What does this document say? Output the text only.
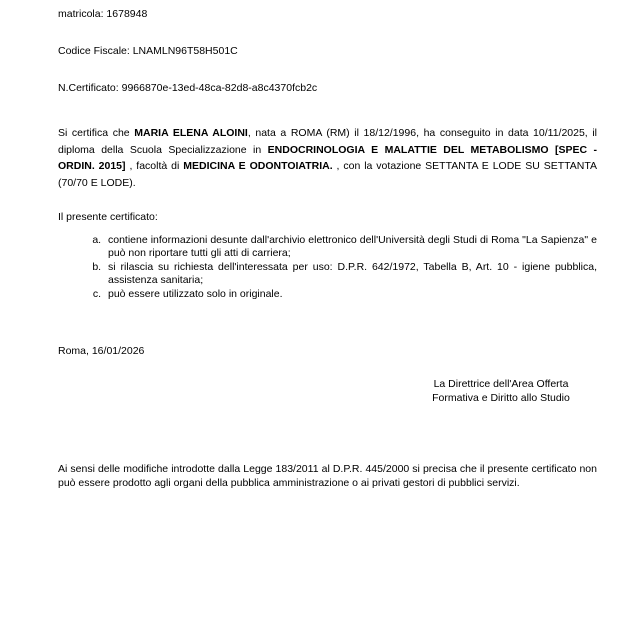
matricola: 1678948

Codice Fiscale: LNAMLN96T58H501C

N.Certificato: 9966870e-13ed-48ca-82d8-a8c4370fcb2c

Si certifica che MARIA ELENA ALOINI, nata a ROMA (RM) il 18/12/1996, ha conseguito in data 10/11/2025, il diploma della Scuola Specializzazione in ENDOCRINOLOGIA E MALATTIE DEL METABOLISMO [SPEC - ORDIN. 2015] , facoltà di MEDICINA E ODONTOIATRIA. , con la votazione SETTANTA E LODE SU SETTANTA (70/70 E LODE).

Il presente certificato:

a. contiene informazioni desunte dall'archivio elettronico dell'Università degli Studi di Roma "La Sapienza" e può non riportare tutti gli atti di carriera;
b. si rilascia su richiesta dell'interessata per uso: D.P.R. 642/1972, Tabella B, Art. 10 - igiene pubblica, assistenza sanitaria;
c. può essere utilizzato solo in originale.

Roma, 16/01/2026

La Direttrice dell'Area Offerta
Formativa e Diritto allo Studio

Ai sensi delle modifiche introdotte dalla Legge 183/2011 al D.P.R. 445/2000 si precisa che il presente certificato non può essere prodotto agli organi della pubblica amministrazione o ai privati gestori di pubblici servizi.
